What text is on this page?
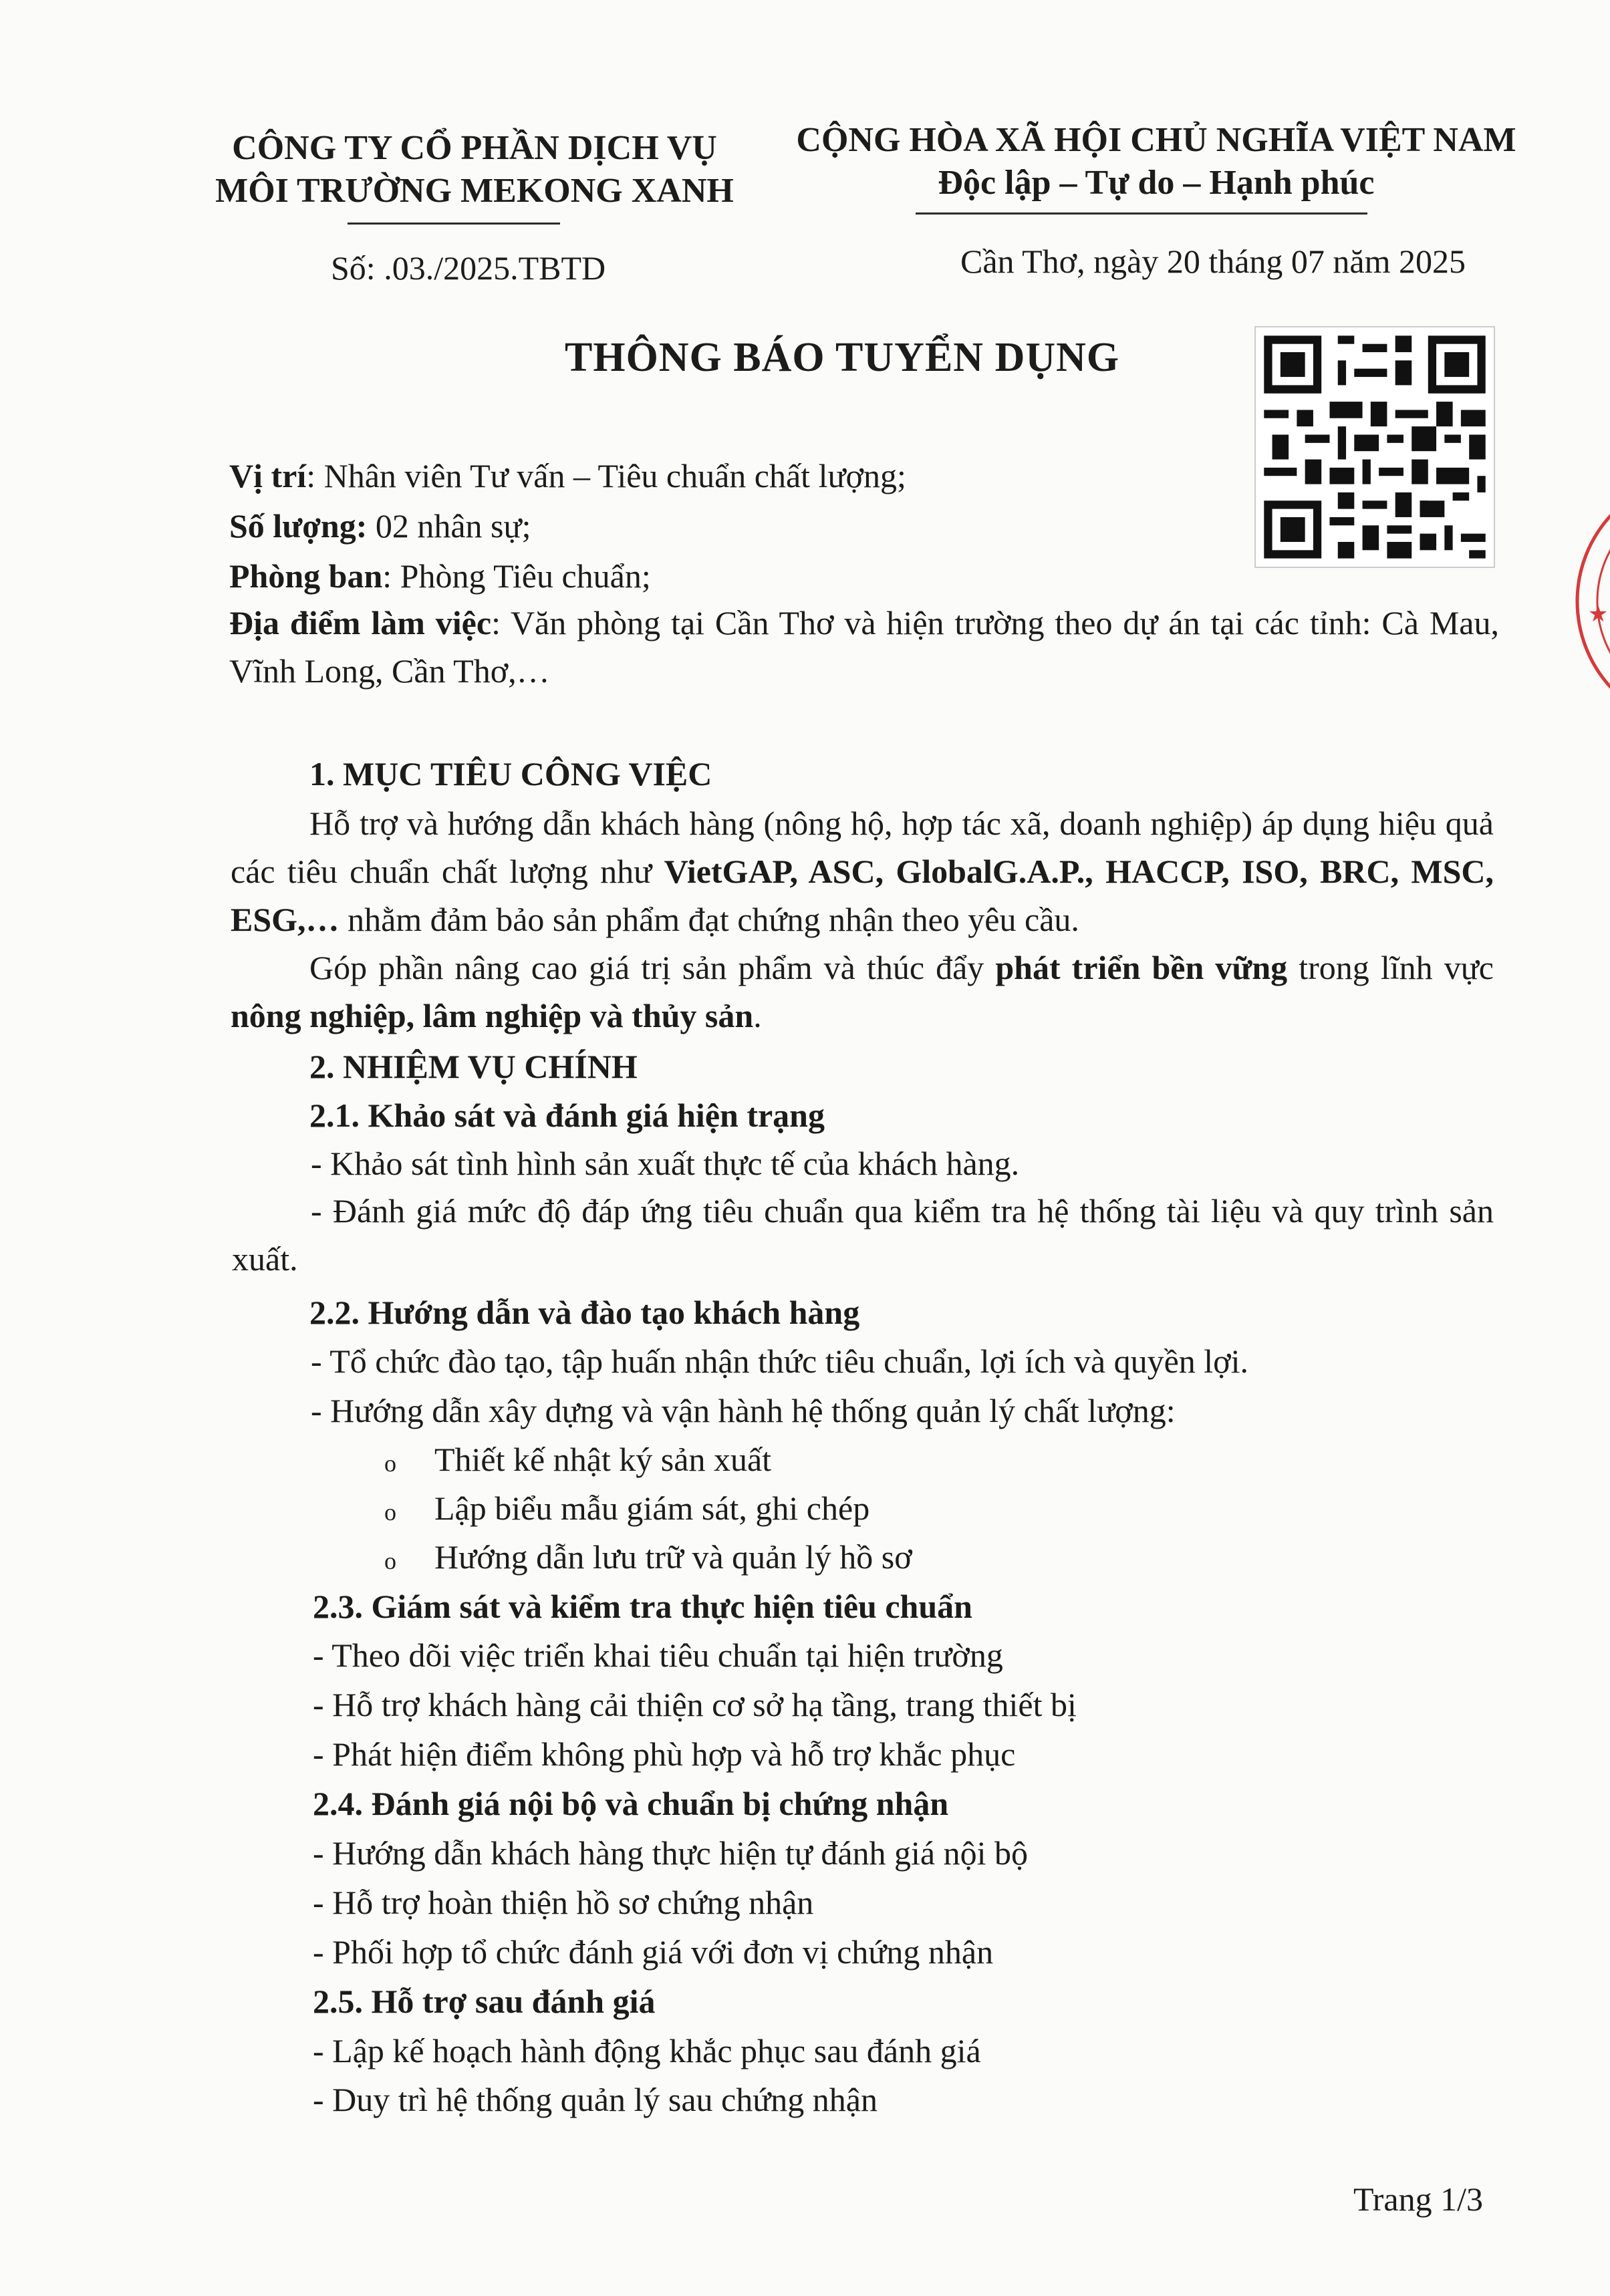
CÔNG TY CỔ PHẦN DỊCH VỤ
MÔI TRƯỜNG MEKONG XANH
CỘNG HÒA XÃ HỘI CHỦ NGHĨA VIỆT NAM
Độc lập – Tự do – Hạnh phúc
Số: .03./2025.TBTD	Cần Thơ, ngày 20 tháng 07 năm 2025
THÔNG BÁO TUYỂN DỤNG
★
Vị trí: Nhân viên Tư vấn – Tiêu chuẩn chất lượng;
Số lượng: 02 nhân sự;
Phòng ban: Phòng Tiêu chuẩn;
Địa điểm làm việc: Văn phòng tại Cần Thơ và hiện trường theo dự án tại các tỉnh: Cà Mau, Vĩnh Long, Cần Thơ,…
1. MỤC TIÊU CÔNG VIỆC
Hỗ trợ và hướng dẫn khách hàng (nông hộ, hợp tác xã, doanh nghiệp) áp dụng hiệu quả các tiêu chuẩn chất lượng như VietGAP, ASC, GlobalG.A.P., HACCP, ISO, BRC, MSC, ESG,… nhằm đảm bảo sản phẩm đạt chứng nhận theo yêu cầu.
Góp phần nâng cao giá trị sản phẩm và thúc đẩy phát triển bền vững trong lĩnh vực nông nghiệp, lâm nghiệp và thủy sản.
2. NHIỆM VỤ CHÍNH
2.1. Khảo sát và đánh giá hiện trạng
- Khảo sát tình hình sản xuất thực tế của khách hàng.
- Đánh giá mức độ đáp ứng tiêu chuẩn qua kiểm tra hệ thống tài liệu và quy trình sản xuất.
2.2. Hướng dẫn và đào tạo khách hàng
- Tổ chức đào tạo, tập huấn nhận thức tiêu chuẩn, lợi ích và quyền lợi.
- Hướng dẫn xây dựng và vận hành hệ thống quản lý chất lượng:
o Thiết kế nhật ký sản xuất
o Lập biểu mẫu giám sát, ghi chép
o Hướng dẫn lưu trữ và quản lý hồ sơ
2.3. Giám sát và kiểm tra thực hiện tiêu chuẩn
- Theo dõi việc triển khai tiêu chuẩn tại hiện trường
- Hỗ trợ khách hàng cải thiện cơ sở hạ tầng, trang thiết bị
- Phát hiện điểm không phù hợp và hỗ trợ khắc phục
2.4. Đánh giá nội bộ và chuẩn bị chứng nhận
- Hướng dẫn khách hàng thực hiện tự đánh giá nội bộ
- Hỗ trợ hoàn thiện hồ sơ chứng nhận
- Phối hợp tổ chức đánh giá với đơn vị chứng nhận
2.5. Hỗ trợ sau đánh giá
- Lập kế hoạch hành động khắc phục sau đánh giá
- Duy trì hệ thống quản lý sau chứng nhận
Trang 1/3
